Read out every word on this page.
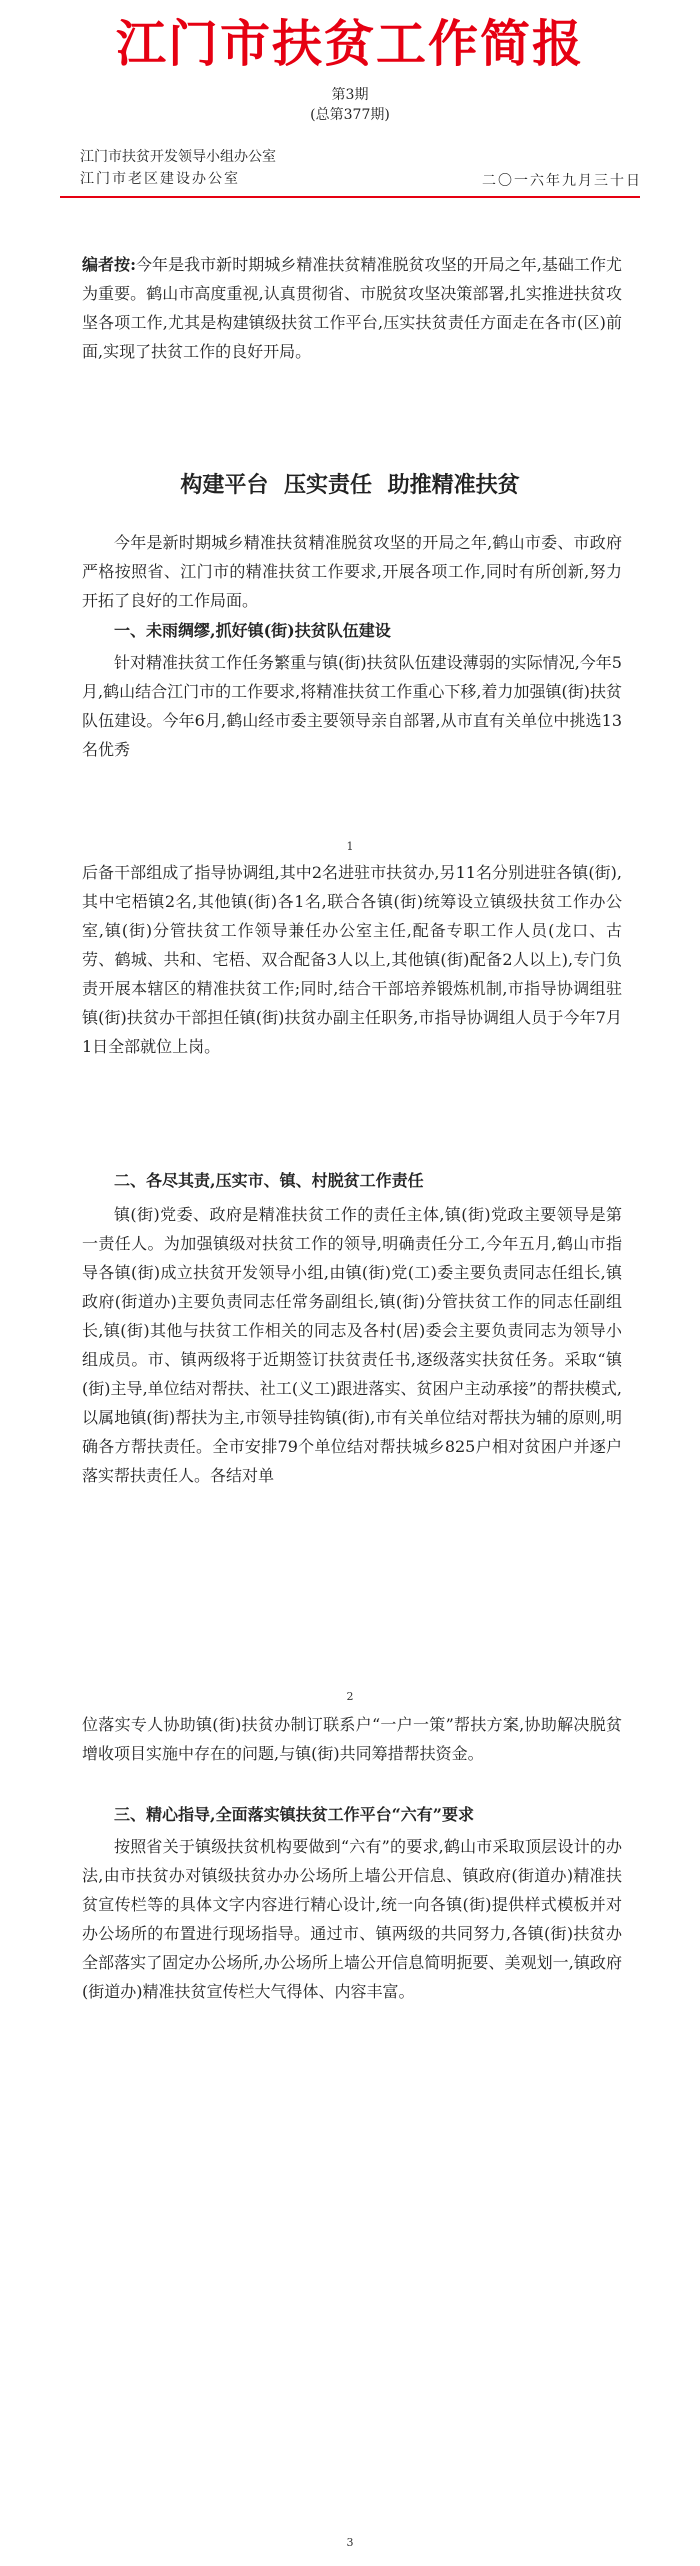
江门市扶贫工作简报
第3期
(总第377期)
江门市扶贫开发领导小组办公室
江门市老区建设办公室	二〇一六年九月三十日
编者按:今年是我市新时期城乡精准扶贫精准脱贫攻坚的开局之年,基础工作尤为重要。鹤山市高度重视,认真贯彻省、市脱贫攻坚决策部署,扎实推进扶贫攻坚各项工作,尤其是构建镇级扶贫工作平台,压实扶贫责任方面走在各市(区)前面,实现了扶贫工作的良好开局。
构建平台 压实责任 助推精准扶贫
今年是新时期城乡精准扶贫精准脱贫攻坚的开局之年,鹤山市委、市政府严格按照省、江门市的精准扶贫工作要求,开展各项工作,同时有所创新,努力开拓了良好的工作局面。
一、未雨绸缪,抓好镇(街)扶贫队伍建设
针对精准扶贫工作任务繁重与镇(街)扶贫队伍建设薄弱的实际情况,今年5月,鹤山结合江门市的工作要求,将精准扶贫工作重心下移,着力加强镇(街)扶贫队伍建设。今年6月,鹤山经市委主要领导亲自部署,从市直有关单位中挑选13名优秀
1
后备干部组成了指导协调组,其中2名进驻市扶贫办,另11名分别进驻各镇(街),其中宅梧镇2名,其他镇(街)各1名,联合各镇(街)统筹设立镇级扶贫工作办公室,镇(街)分管扶贫工作领导兼任办公室主任,配备专职工作人员(龙口、古劳、鹤城、共和、宅梧、双合配备3人以上,其他镇(街)配备2人以上),专门负责开展本辖区的精准扶贫工作;同时,结合干部培养锻炼机制,市指导协调组驻镇(街)扶贫办干部担任镇(街)扶贫办副主任职务,市指导协调组人员于今年7月1日全部就位上岗。
二、各尽其责,压实市、镇、村脱贫工作责任
镇(街)党委、政府是精准扶贫工作的责任主体,镇(街)党政主要领导是第一责任人。为加强镇级对扶贫工作的领导,明确责任分工,今年五月,鹤山市指导各镇(街)成立扶贫开发领导小组,由镇(街)党(工)委主要负责同志任组长,镇政府(街道办)主要负责同志任常务副组长,镇(街)分管扶贫工作的同志任副组长,镇(街)其他与扶贫工作相关的同志及各村(居)委会主要负责同志为领导小组成员。市、镇两级将于近期签订扶贫责任书,逐级落实扶贫任务。采取“镇(街)主导,单位结对帮扶、社工(义工)跟进落实、贫困户主动承接”的帮扶模式,以属地镇(街)帮扶为主,市领导挂钩镇(街),市有关单位结对帮扶为辅的原则,明确各方帮扶责任。全市安排79个单位结对帮扶城乡825户相对贫困户并逐户落实帮扶责任人。各结对单
2
位落实专人协助镇(街)扶贫办制订联系户“一户一策”帮扶方案,协助解决脱贫增收项目实施中存在的问题,与镇(街)共同筹措帮扶资金。
三、精心指导,全面落实镇扶贫工作平台“六有”要求
按照省关于镇级扶贫机构要做到“六有”的要求,鹤山市采取顶层设计的办法,由市扶贫办对镇级扶贫办办公场所上墙公开信息、镇政府(街道办)精准扶贫宣传栏等的具体文字内容进行精心设计,统一向各镇(街)提供样式模板并对办公场所的布置进行现场指导。通过市、镇两级的共同努力,各镇(街)扶贫办全部落实了固定办公场所,办公场所上墙公开信息简明扼要、美观划一,镇政府(街道办)精准扶贫宣传栏大气得体、内容丰富。
3
